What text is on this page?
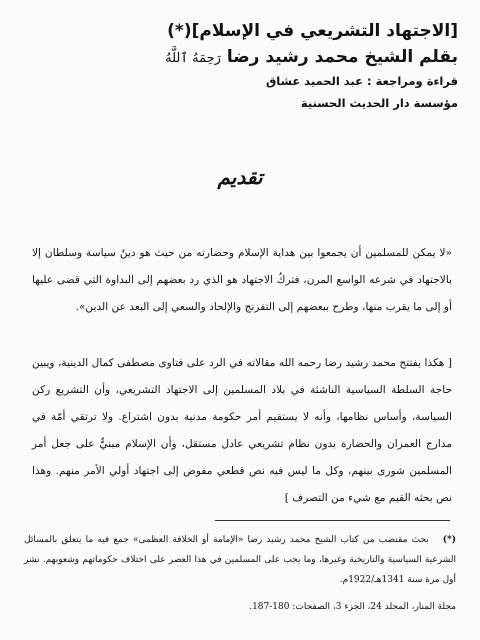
[الاجتهاد التشريعي في الإسلام](*)
بقلم الشيخ محمد رشيد رضا رَحِمَهُ ٱللَّهُ
قراءة ومراجعة : عبد الحميد عشاق
مؤسسة دار الحديث الحسنية
تقديم
«لا يمكن للمسلمين أن يجمعوا بين هداية الإسلام وحضارته من حيث هو دينٌ سياسة وسلطان إلا بالاجتهاد في شرعه الواسع المرن، فتركُ الاجتهاد هو الذي رد بعضهم إلى البداوة التي قضى عليها أو إلى ما يقرب منها، وطرح ببعضهم إلى التفرنج والإلحاد والسعي إلى البعد عن الدين».
[ هكذا يفتتح محمد رشيد رضا رحمه الله مقالاته في الرد على فتاوى مصطفى كمال الدينية، ويبين حاجة السلطة السياسية الناشئة في بلاد المسلمين إلى الاجتهاد التشريعي، وأن التشريع ركن السياسة، وأساس نظامها، وأنه لا يستقيم أمر حكومة مدنية بدون اشتراع. ولا ترتقي أمّة في مدارج العمران والحضارة بدون نظام تشريعي عادل مستقل، وأن الإسلام مبنيٌّ على جعل أمر المسلمين شورى بينهم، وكل ما ليس فيه نص قطعي مفوض إلى اجتهاد أولي الأمر منهم. وهذا نص بحثه القيم مع شيء من التصرف ]
(*)بحث مقتضب من كتاب الشيخ محمد رشيد رضا «الإمامة أو الخلافة العظمى» جمع فيه ما يتعلق بالمسائل الشرعية السياسية والتاريخية وغيرها، وما يجب على المسلمين في هذا العصر على اختلاف حكوماتهم وشعوبهم. نشر أول مرة سنة 1341هـ/1922م.
مجلة المنار، المجلد 24، الجزء 3، الصفحات: 180-187.
